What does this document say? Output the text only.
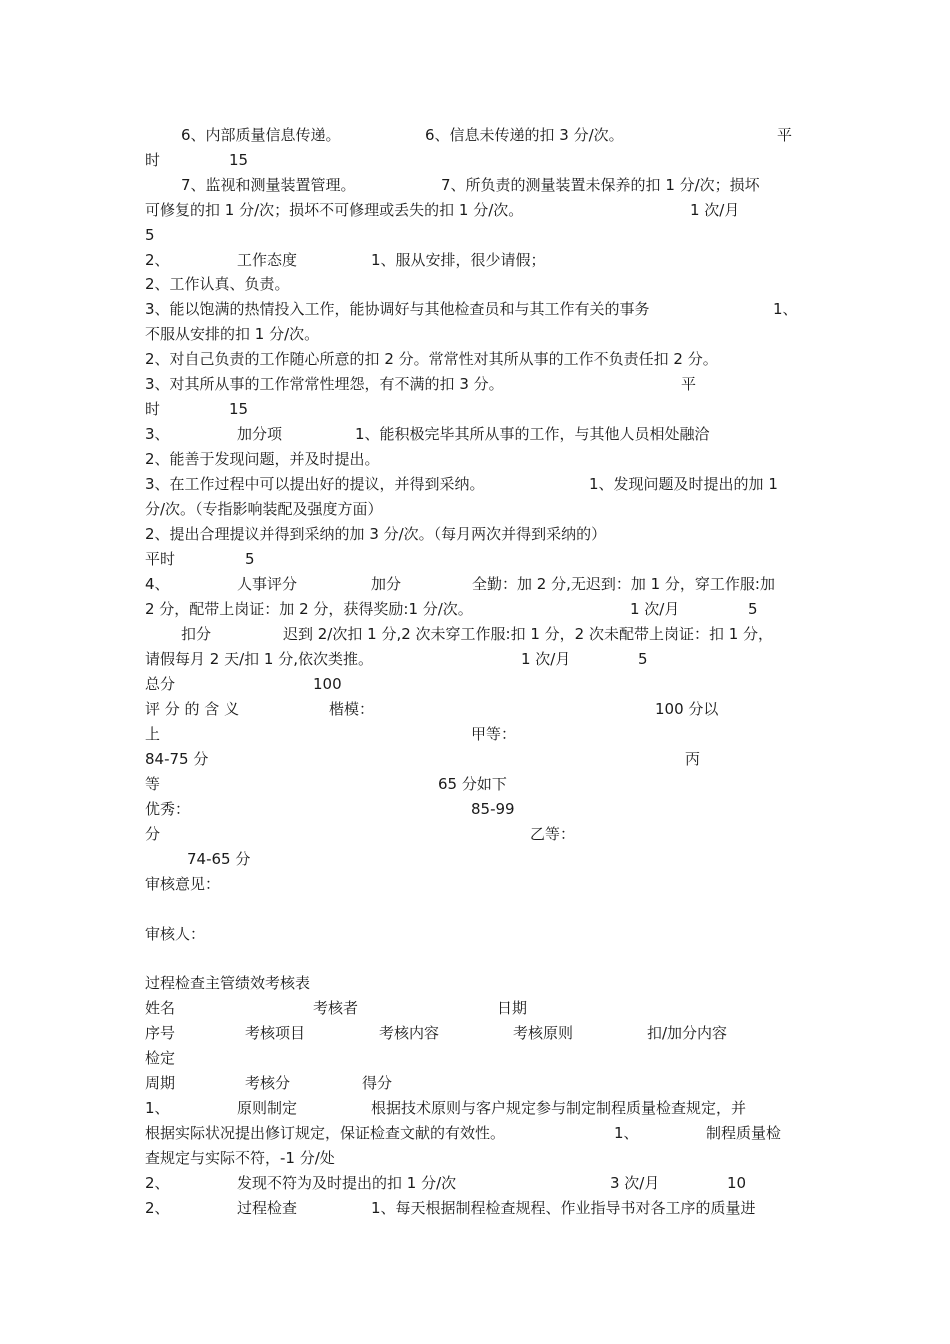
6、内部质量信息传递。	6、信息未传递的扣 3 分/次。	平
时	15
7、监视和测量装置管理。	7、所负责的测量装置未保养的扣 1 分/次；损坏
可修复的扣 1 分/次；损坏不可修理或丢失的扣 1 分/次。	1 次/月
5
2、	工作态度	1、服从安排，很少请假；
2、工作认真、负责。
3、能以饱满的热情投入工作，能协调好与其他检查员和与其工作有关的事务	1、
不服从安排的扣 1 分/次。
2、对自己负责的工作随心所意的扣 2 分。常常性对其所从事的工作不负责任扣 2 分。
3、对其所从事的工作常常性埋怨，有不满的扣 3 分。	平
时	15
3、	加分项	1、能积极完毕其所从事的工作，与其他人员相处融洽
2、能善于发现问题，并及时提出。
3、在工作过程中可以提出好的提议，并得到采纳。	1、发现问题及时提出的加 1
分/次。（专指影响装配及强度方面）
2、提出合理提议并得到采纳的加 3 分/次。（每月两次并得到采纳的）
平时	5
4、	人事评分	加分	全勤：加 2 分,无迟到：加 1 分，穿工作服:加
2 分，配带上岗证：加 2 分，获得奖励:1 分/次。	1 次/月	5
扣分	迟到 2/次扣 1 分,2 次未穿工作服:扣 1 分，2 次未配带上岗证：扣 1 分，
请假每月 2 天/扣 1 分,依次类推。	1 次/月	5
总分	100
评 分 的 含 义	楷模：	100 分以
上	甲等：
84-75 分	丙
等	65 分如下
优秀：	85-99
分	乙等：
74-65 分
审核意见：
审核人：
过程检查主管绩效考核表
姓名	考核者	日期
序号	考核项目	考核内容	考核原则	扣/加分内容
检定
周期	考核分	得分
1、	原则制定	根据技术原则与客户规定参与制定制程质量检查规定，并
根据实际状况提出修订规定，保证检查文献的有效性。	1、	制程质量检
查规定与实际不符，-1 分/处
2、	发现不符为及时提出的扣 1 分/次	3 次/月	10
2、	过程检查	1、每天根据制程检查规程、作业指导书对各工序的质量进
